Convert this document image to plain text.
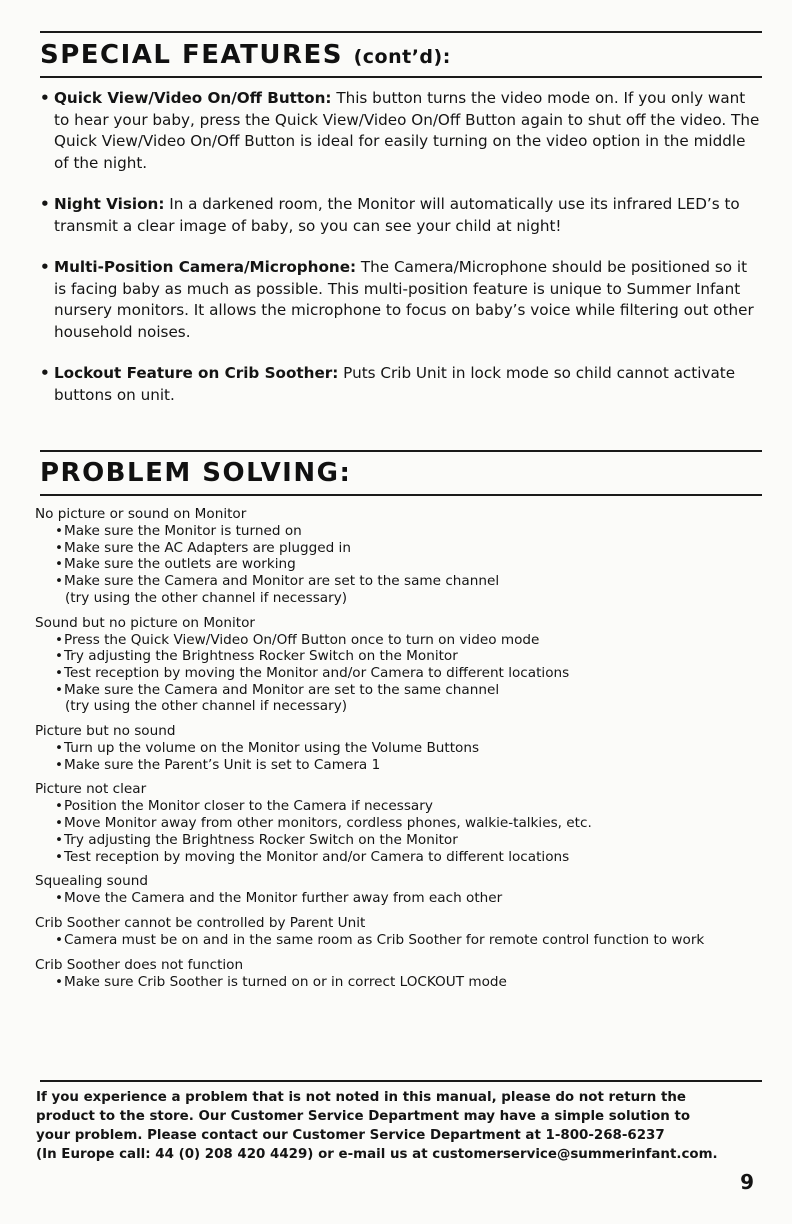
SPECIAL FEATURES (cont’d):
• Quick View/Video On/Off Button: This button turns the video mode on. If you only want to hear your baby, press the Quick View/Video On/Off Button again to shut off the video. The Quick View/Video On/Off Button is ideal for easily turning on the video option in the middle of the night.
• Night Vision: In a darkened room, the Monitor will automatically use its infrared LED’s to transmit a clear image of baby, so you can see your child at night!
• Multi-Position Camera/Microphone: The Camera/Microphone should be positioned so it is facing baby as much as possible. This multi-position feature is unique to Summer Infant nursery monitors. It allows the microphone to focus on baby’s voice while filtering out other household noises.
• Lockout Feature on Crib Soother: Puts Crib Unit in lock mode so child cannot activate buttons on unit.
PROBLEM SOLVING:
No picture or sound on Monitor
• Make sure the Monitor is turned on
• Make sure the AC Adapters are plugged in
• Make sure the outlets are working
• Make sure the Camera and Monitor are set to the same channel
(try using the other channel if necessary)
Sound but no picture on Monitor
• Press the Quick View/Video On/Off Button once to turn on video mode
• Try adjusting the Brightness Rocker Switch on the Monitor
• Test reception by moving the Monitor and/or Camera to different locations
• Make sure the Camera and Monitor are set to the same channel
(try using the other channel if necessary)
Picture but no sound
• Turn up the volume on the Monitor using the Volume Buttons
• Make sure the Parent’s Unit is set to Camera 1
Picture not clear
• Position the Monitor closer to the Camera if necessary
• Move Monitor away from other monitors, cordless phones, walkie-talkies, etc.
• Try adjusting the Brightness Rocker Switch on the Monitor
• Test reception by moving the Monitor and/or Camera to different locations
Squealing sound
• Move the Camera and the Monitor further away from each other
Crib Soother cannot be controlled by Parent Unit
• Camera must be on and in the same room as Crib Soother for remote control function to work
Crib Soother does not function
• Make sure Crib Soother is turned on or in correct LOCKOUT mode
If you experience a problem that is not noted in this manual, please do not return the
product to the store. Our Customer Service Department may have a simple solution to
your problem. Please contact our Customer Service Department at 1-800-268-6237
(In Europe call: 44 (0) 208 420 4429) or e-mail us at customerservice@summerinfant.com.
9
